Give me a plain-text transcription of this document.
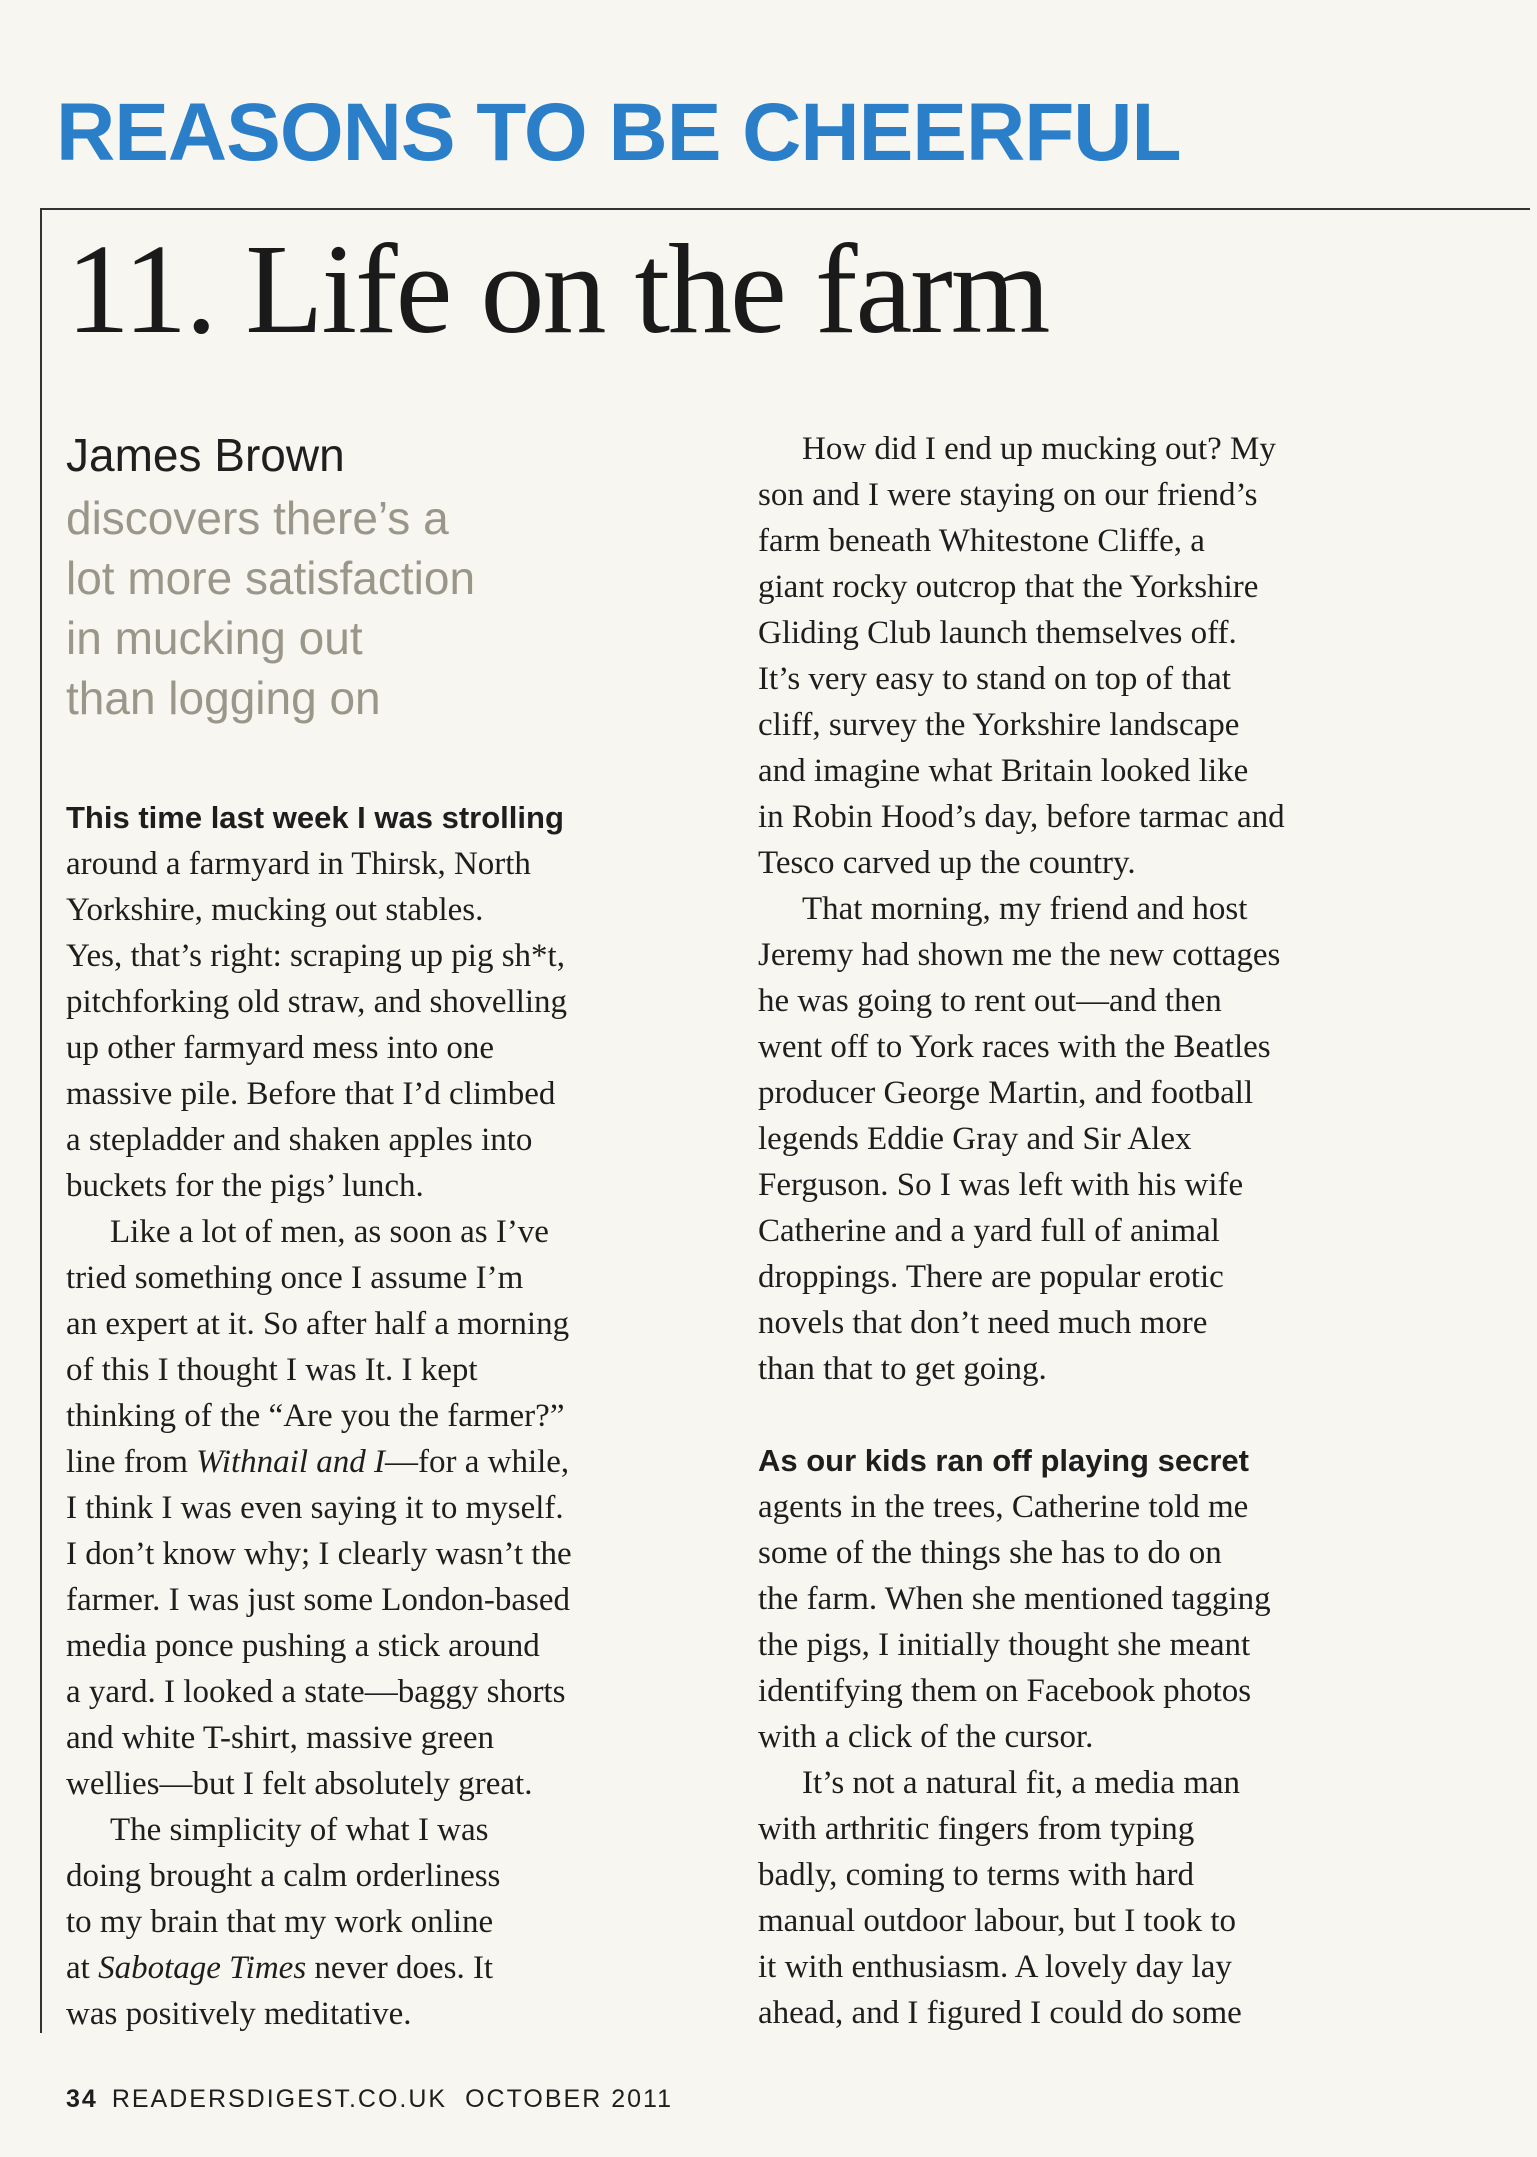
REASONS TO BE CHEERFUL
11. Life on the farm
James Brown
discovers there’s a
lot more satisfaction
in mucking out
than logging on
This time last week I was strolling
around a farmyard in Thirsk, North
Yorkshire, mucking out stables.
Yes, that’s right: scraping up pig sh*t,
pitchforking old straw, and shovelling
up other farmyard mess into one
massive pile. Before that I’d climbed
a stepladder and shaken apples into
buckets for the pigs’ lunch.
Like a lot of men, as soon as I’ve
tried something once I assume I’m
an expert at it. So after half a morning
of this I thought I was It. I kept
thinking of the “Are you the farmer?”
line from Withnail and I—for a while,
I think I was even saying it to myself.
I don’t know why; I clearly wasn’t the
farmer. I was just some London-based
media ponce pushing a stick around
a yard. I looked a state—baggy shorts
and white T-shirt, massive green
wellies—but I felt absolutely great.
The simplicity of what I was
doing brought a calm orderliness
to my brain that my work online
at Sabotage Times never does. It
was positively meditative.
How did I end up mucking out? My
son and I were staying on our friend’s
farm beneath Whitestone Cliffe, a
giant rocky outcrop that the Yorkshire
Gliding Club launch themselves off.
It’s very easy to stand on top of that
cliff, survey the Yorkshire landscape
and imagine what Britain looked like
in Robin Hood’s day, before tarmac and
Tesco carved up the country.
That morning, my friend and host
Jeremy had shown me the new cottages
he was going to rent out—and then
went off to York races with the Beatles
producer George Martin, and football
legends Eddie Gray and Sir Alex
Ferguson. So I was left with his wife
Catherine and a yard full of animal
droppings. There are popular erotic
novels that don’t need much more
than that to get going.
As our kids ran off playing secret
agents in the trees, Catherine told me
some of the things she has to do on
the farm. When she mentioned tagging
the pigs, I initially thought she meant
identifying them on Facebook photos
with a click of the cursor.
It’s not a natural fit, a media man
with arthritic fingers from typing
badly, coming to terms with hard
manual outdoor labour, but I took to
it with enthusiasm. A lovely day lay
ahead, and I figured I could do some
34 READERSDIGEST.CO.UK OCTOBER 2011
